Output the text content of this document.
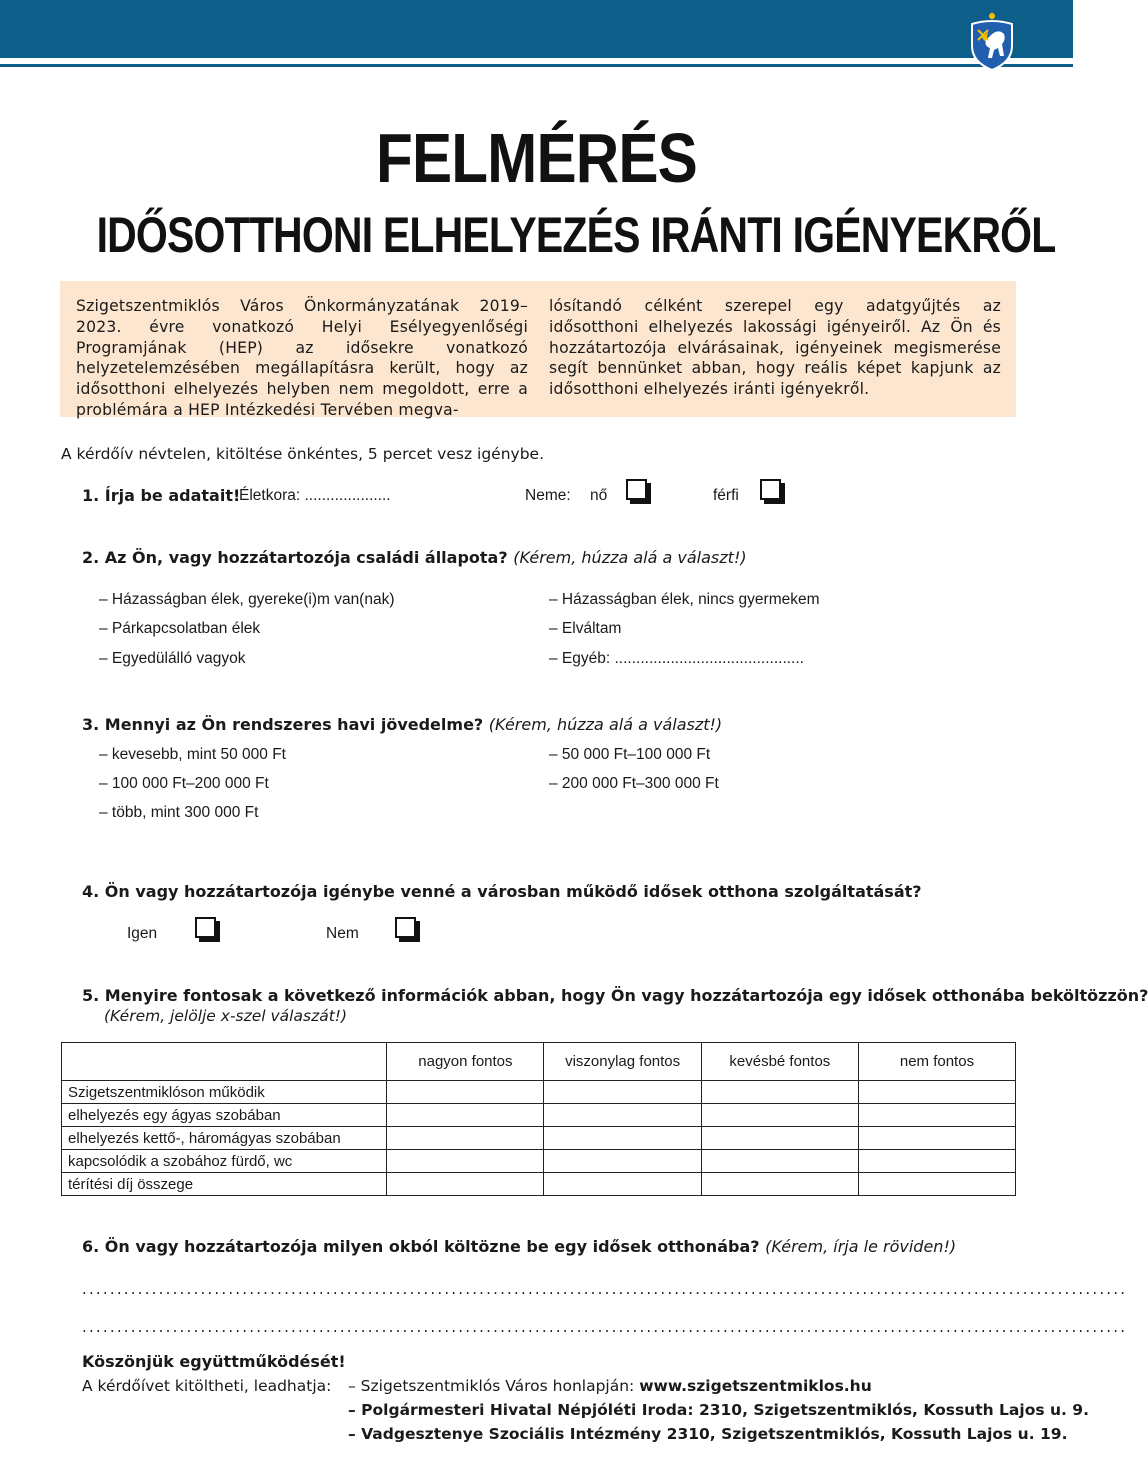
FELMÉRÉS
IDŐSOTTHONI ELHELYEZÉS IRÁNTI IGÉNYEKRŐL
Szigetszentmiklós Város Önkormányzatának 2019–2023. évre vonatkozó Helyi Esélyegyenlőségi Programjának (HEP) az idősekre vonatkozó helyzetelemzésében megállapításra került, hogy az idősotthoni elhelyezés helyben nem megoldott, erre a problémára a HEP Intézkedési Tervében megva-
lósítandó célként szerepel egy adatgyűjtés az idősotthoni elhelyezés lakossági igényeiről. Az Ön és hozzátartozója elvárásainak, igényeinek megismerése segít bennünket abban, hogy reális képet kapjunk az idősotthoni elhelyezés iránti igényekről.
A kérdőív névtelen, kitöltése önkéntes, 5 percet vesz igénybe.
1. Írja be adatait!
Életkora: ....................	Neme: nő	férfi
2. Az Ön, vagy hozzátartozója családi állapota? (Kérem, húzza alá a választ!)
– Házasságban élek, gyereke(i)m van(nak)	– Házasságban élek, nincs gyermekem
– Párkapcsolatban élek	– Elváltam
– Egyedülálló vagyok	– Egyéb: ............................................
3. Mennyi az Ön rendszeres havi jövedelme? (Kérem, húzza alá a választ!)
– kevesebb, mint 50 000 Ft	– 50 000 Ft–100 000 Ft
– 100 000 Ft–200 000 Ft	– 200 000 Ft–300 000 Ft
– több, mint 300 000 Ft
4. Ön vagy hozzátartozója igénybe venné a városban működő idősek otthona szolgáltatását?
Igen	Nem
5. Menyire fontosak a következő információk abban, hogy Ön vagy hozzátartozója egy idősek otthonába beköltözzön?
(Kérem, jelölje x-szel válaszát!)
	nagyon fontos	viszonylag fontos	kevésbé fontos	nem fontos
Szigetszentmiklóson működik				
elhelyezés egy ágyas szobában				
elhelyezés kettő-, háromágyas szobában				
kapcsolódik a szobához fürdő, wc				
térítési díj összege				
6. Ön vagy hozzátartozója milyen okból költözne be egy idősek otthonába? (Kérem, írja le röviden!)
......................................................................................................................................................
......................................................................................................................................................
Köszönjük együttműködését!
A kérdőívet kitöltheti, leadhatja: – Szigetszentmiklós Város honlapján: www.szigetszentmiklos.hu
– Polgármesteri Hivatal Népjóléti Iroda: 2310, Szigetszentmiklós, Kossuth Lajos u. 9.
– Vadgesztenye Szociális Intézmény 2310, Szigetszentmiklós, Kossuth Lajos u. 19.
